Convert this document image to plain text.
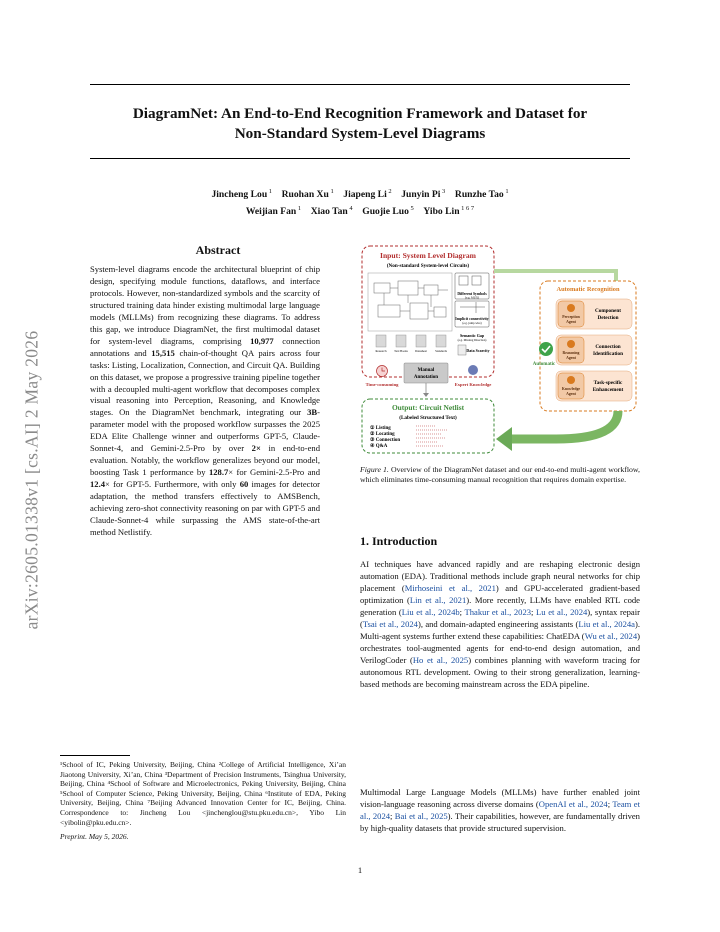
DiagramNet: An End-to-End Recognition Framework and Dataset for
Non-Standard System-Level Diagrams
Jincheng Lou $^1$  Ruohan Xu $^1$  Jiapeng Li $^2$  Junyin Pi $^3$  Runzhe Tao $^1$
Weijian Fan $^1$  Xiao Tan $^4$  Guojie Luo $^5$  Yibo Lin $^{1 6 7}$
arXiv:2605.01338v1 [cs.AI] 2 May 2026
Abstract
System-level diagrams encode the architectural blueprint of chip design, specifying module functions, dataflows, and interface protocols. However, non-standardized symbols and the scarcity of structured training data hinder existing multimodal large language models (MLLMs) from recognizing these diagrams. To address this gap, we introduce DiagramNet, the first multimodal dataset for system-level diagrams, comprising 10,977 connection annotations and 15,515 chain-of-thought QA pairs across four tasks: Listing, Localization, Connection, and Circuit QA. Building on this dataset, we propose a progressive training pipeline together with a decoupled multi-agent workflow that decomposes complex visual reasoning into Perception, Reasoning, and Knowledge stages. On the DiagramNet benchmark, integrating our 3B-parameter model with the proposed workflow surpasses the 2025 EDA Elite Challenge winner and outperforms GPT-5, Claude-Sonnet-4, and Gemini-2.5-Pro by over 2× in end-to-end evaluation. Notably, the workflow generalizes beyond our model, boosting Task 1 performance by 128.7× for Gemini-2.5-Pro and 12.4× for GPT-5. Furthermore, with only 60 images for detector adaptation, the method transfers effectively to AMSBench, achieving zero-shot connectivity reasoning on par with GPT-5 and Claude-Sonnet-4 while surpassing the AMS state-of-the-art method Netlistify.
¹School of IC, Peking University, Beijing, China ²College of Artificial Intelligence, Xi’an Jiaotong University, Xi’an, China ³Department of Precision Instruments, Tsinghua University, Beijing, China ⁴School of Software and Microelectronics, Peking University, Beijing, China ⁵School of Computer Science, Peking University, Beijing, China ⁶Institute of EDA, Peking University, Beijing, China ⁷Beijing Advanced Innovation Center for IC, Beijing, China. Correspondence to: Jincheng Lou <jinchenglou@stu.pku.edu.cn>, Yibo Lin <yibolin@pku.edu.cn>.
Preprint. May 5, 2026.
Input: System Level Diagram
(Non-standard System-level Circuits)
Different Symbols
(e.g. MUX)
Implicit connectivity
(e.g. jump wire)
Research	Text Books Datasheet	Standards
Semantic Gap
(e.g. Missing Direction)
Data Scarcity
Manual
Annotation
Time-consuming	Expert Knowledge
Automatic Recognition
Perception
Agent
Component
Detection
Reasoning
Agent
Connection
Identification
Knowledge
Agent
Task-specific
Enhancement
Automatic
Output: Circuit Netlist
(Labeled Structured Text)
① Listing
② Locating
③ Connection
④ Q&A
Figure 1. Overview of the DiagramNet dataset and our end-to-end multi-agent workflow, which eliminates time-consuming manual recognition that requires domain expertise.
1. Introduction
AI techniques have advanced rapidly and are reshaping electronic design automation (EDA). Traditional methods include graph neural networks for chip placement (Mirhoseini et al., 2021) and GPU-accelerated gradient-based optimization (Lin et al., 2021). More recently, LLMs have enabled RTL code generation (Liu et al., 2024b; Thakur et al., 2023; Lu et al., 2024), syntax repair (Tsai et al., 2024), and domain-adapted engineering assistants (Liu et al., 2024a). Multi-agent systems further extend these capabilities: ChatEDA (Wu et al., 2024) orchestrates tool-augmented agents for end-to-end design automation, and VerilogCoder (Ho et al., 2025) combines planning with waveform tracing for autonomous RTL development. Owing to their strong generalization, learning-based methods are becoming mainstream across the EDA pipeline.
Multimodal Large Language Models (MLLMs) have further enabled joint vision-language reasoning across diverse domains (OpenAI et al., 2024; Team et al., 2024; Bai et al., 2025). Their capabilities, however, are fundamentally driven by high-quality datasets that provide structured supervision.
1
